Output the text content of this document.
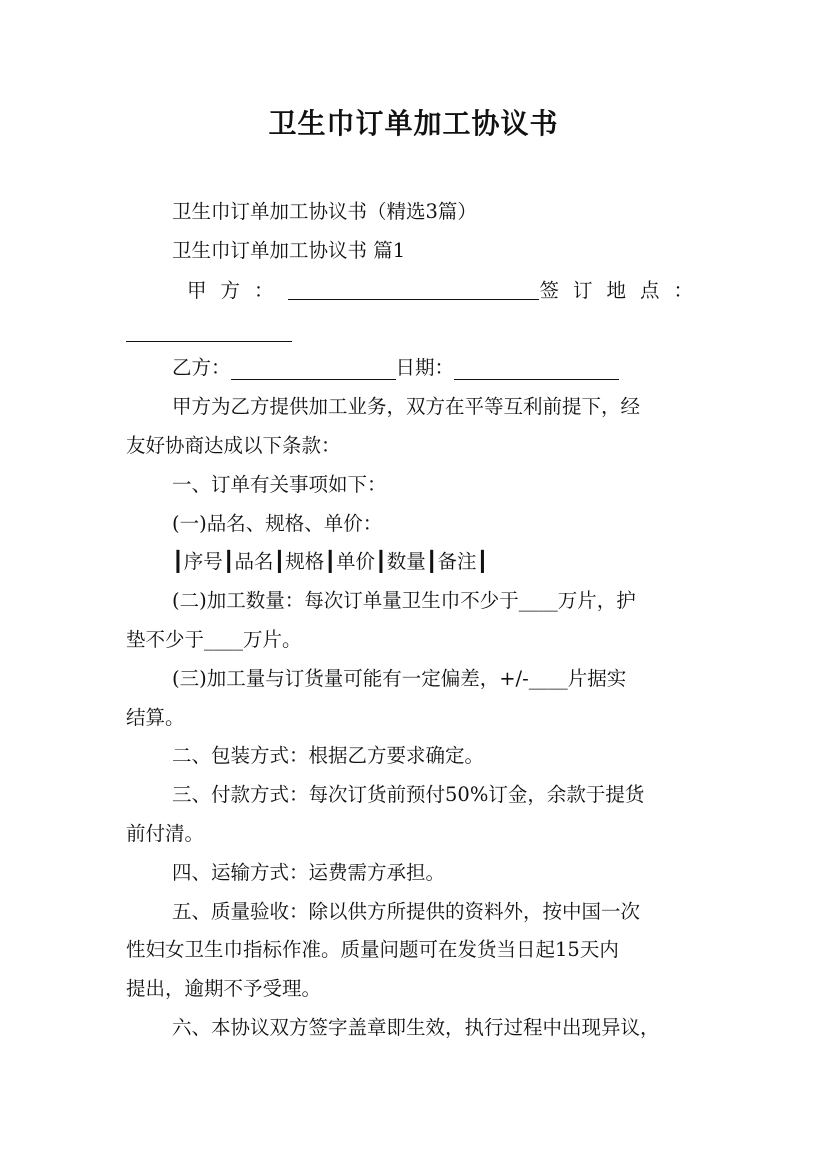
卫生巾订单加工协议书
卫生巾订单加工协议书（精选3篇）
卫生巾订单加工协议书 篇1
甲方：	签订地点：
乙方：	日期：
甲方为乙方提供加工业务，双方在平等互利前提下，经
友好协商达成以下条款：
一、订单有关事项如下：
(一)品名、规格、单价：
┃序号┃品名┃规格┃单价┃数量┃备注┃
(二)加工数量：每次订单量卫生巾不少于____万片，护
垫不少于____万片。
(三)加工量与订货量可能有一定偏差，+/-____片据实
结算。
二、包装方式：根据乙方要求确定。
三、付款方式：每次订货前预付50%订金，余款于提货
前付清。
四、运输方式：运费需方承担。
五、质量验收：除以供方所提供的资料外，按中国一次
性妇女卫生巾指标作准。质量问题可在发货当日起15天内
提出，逾期不予受理。
六、本协议双方签字盖章即生效，执行过程中出现异议，
